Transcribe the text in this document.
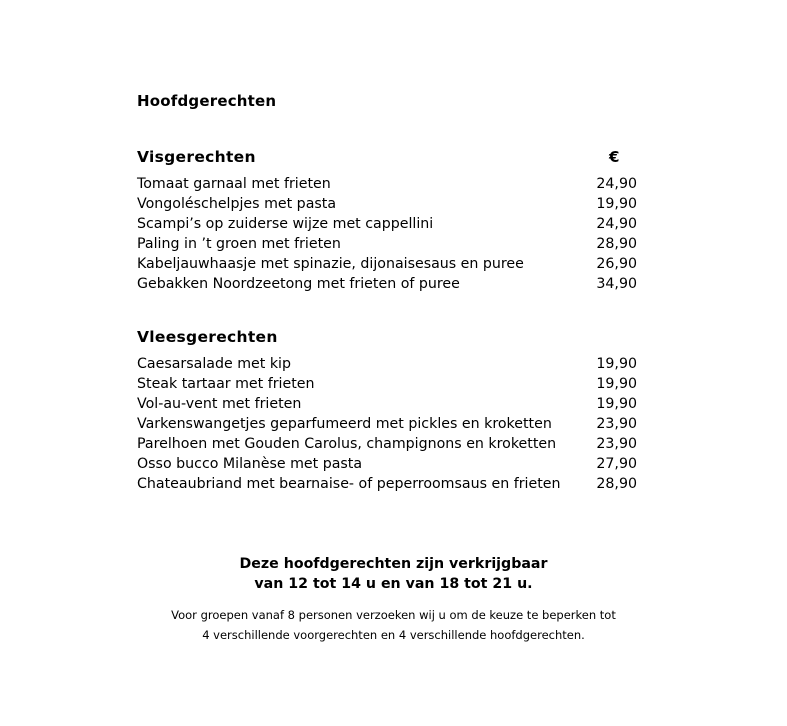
Hoofdgerechten
Visgerechten	€
Tomaat garnaal met frieten	24,90
Vongoléschelpjes met pasta	19,90
Scampi’s op zuiderse wijze met cappellini	24,90
Paling in ’t groen met frieten	28,90
Kabeljauwhaasje met spinazie, dijonaisesaus en puree	26,90
Gebakken Noordzeetong met frieten of puree	34,90
Vleesgerechten
Caesarsalade met kip	19,90
Steak tartaar met frieten	19,90
Vol-au-vent met frieten	19,90
Varkenswangetjes geparfumeerd met pickles en kroketten	23,90
Parelhoen met Gouden Carolus, champignons en kroketten	23,90
Osso bucco Milanèse met pasta	27,90
Chateaubriand met bearnaise- of peperroomsaus en frieten	28,90
Deze hoofdgerechten zijn verkrijgbaar
van 12 tot 14 u en van 18 tot 21 u.
Voor groepen vanaf 8 personen verzoeken wij u om de keuze te beperken tot
4 verschillende voorgerechten en 4 verschillende hoofdgerechten.
